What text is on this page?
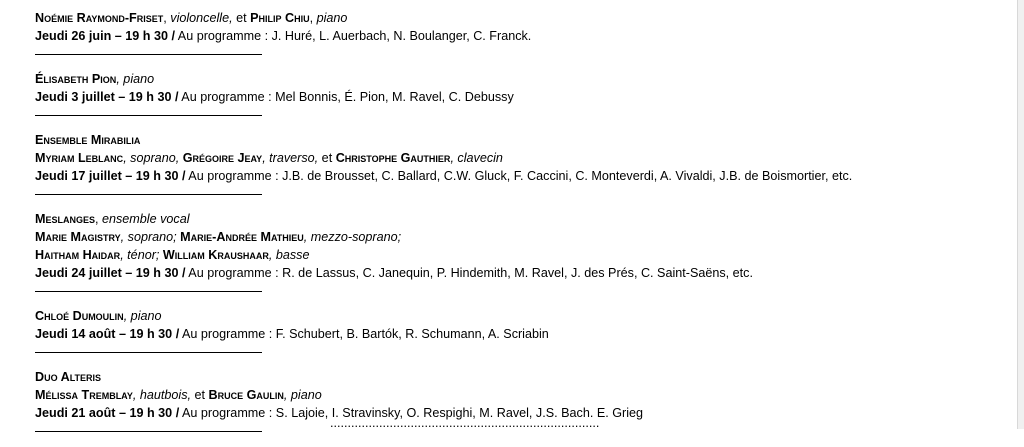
Noémie Raymond-Friset, violoncelle, et Philip Chiu, piano
Jeudi 26 juin – 19 h 30 / Au programme : J. Huré, L. Auerbach, N. Boulanger, C. Franck.
Élisabeth Pion, piano
Jeudi 3 juillet – 19 h 30 / Au programme : Mel Bonnis, É. Pion, M. Ravel, C. Debussy
Ensemble Mirabilia
Myriam Leblanc, soprano, Grégoire Jeay, traverso, et Christophe Gauthier, clavecin
Jeudi 17 juillet – 19 h 30 / Au programme : J.B. de Brousset, C. Ballard, C.W. Gluck, F. Caccini, C. Monteverdi, A. Vivaldi, J.B. de Boismortier, etc.
Meslanges, ensemble vocal
Marie Magistry, soprano; Marie-Andrée Mathieu, mezzo-soprano;
Haitham Haidar, ténor; William Kraushaar, basse
Jeudi 24 juillet – 19 h 30 / Au programme : R. de Lassus, C. Janequin, P. Hindemith, M. Ravel, J. des Prés, C. Saint-Saëns, etc.
Chloé Dumoulin, piano
Jeudi 14 août – 19 h 30 / Au programme : F. Schubert, B. Bartók, R. Schumann, A. Scriabin
Duo Alteris
Mélissa Tremblay, hautbois, et Bruce Gaulin, piano
Jeudi 21 août – 19 h 30 / Au programme : S. Lajoie, I. Stravinsky, O. Respighi, M. Ravel, J.S. Bach. E. Grieg
.............................................................................
